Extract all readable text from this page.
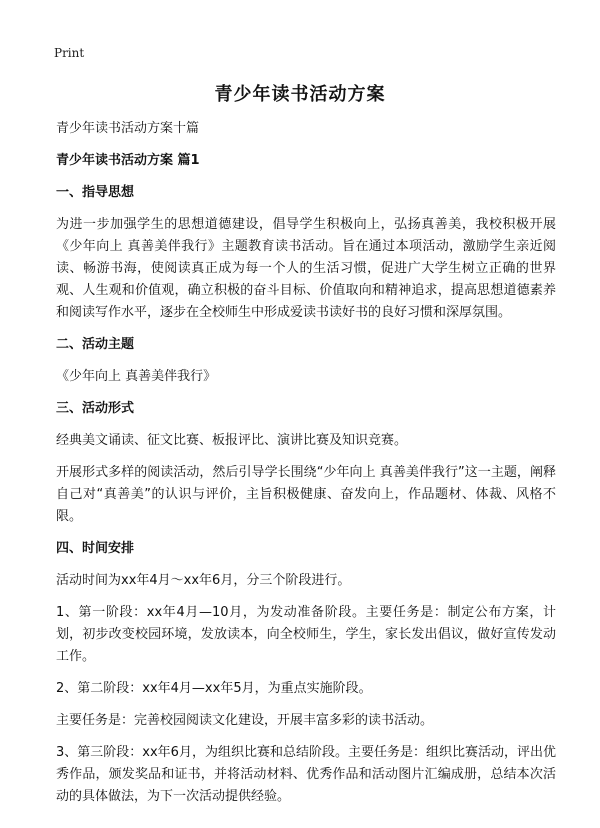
Print
青少年读书活动方案

青少年读书活动方案十篇

青少年读书活动方案 篇1

一、指导思想

为进一步加强学生的思想道德建设，倡导学生积极向上，弘扬真善美，我校积极开展《少年向上 真善美伴我行》主题教育读书活动。旨在通过本项活动，激励学生亲近阅读、畅游书海，使阅读真正成为每一个人的生活习惯，促进广大学生树立正确的世界观、人生观和价值观，确立积极的奋斗目标、价值取向和精神追求，提高思想道德素养和阅读写作水平，逐步在全校师生中形成爱读书读好书的良好习惯和深厚氛围。

二、活动主题

《少年向上 真善美伴我行》

三、活动形式

经典美文诵读、征文比赛、板报评比、演讲比赛及知识竞赛。

开展形式多样的阅读活动，然后引导学长围绕“少年向上 真善美伴我行”这一主题，阐释自己对“真善美”的认识与评价，主旨积极健康、奋发向上，作品题材、体裁、风格不限。

四、时间安排

活动时间为xx年4月～xx年6月，分三个阶段进行。

1、第一阶段：xx年4月—10月，为发动准备阶段。主要任务是：制定公布方案，计划，初步改变校园环境，发放读本，向全校师生，学生，家长发出倡议，做好宣传发动工作。

2、第二阶段：xx年4月—xx年5月，为重点实施阶段。

主要任务是：完善校园阅读文化建设，开展丰富多彩的读书活动。

3、第三阶段：xx年6月，为组织比赛和总结阶段。主要任务是：组织比赛活动，评出优秀作品，颁发奖品和证书，并将活动材料、优秀作品和活动图片汇编成册，总结本次活动的具体做法，为下一次活动提供经验。
